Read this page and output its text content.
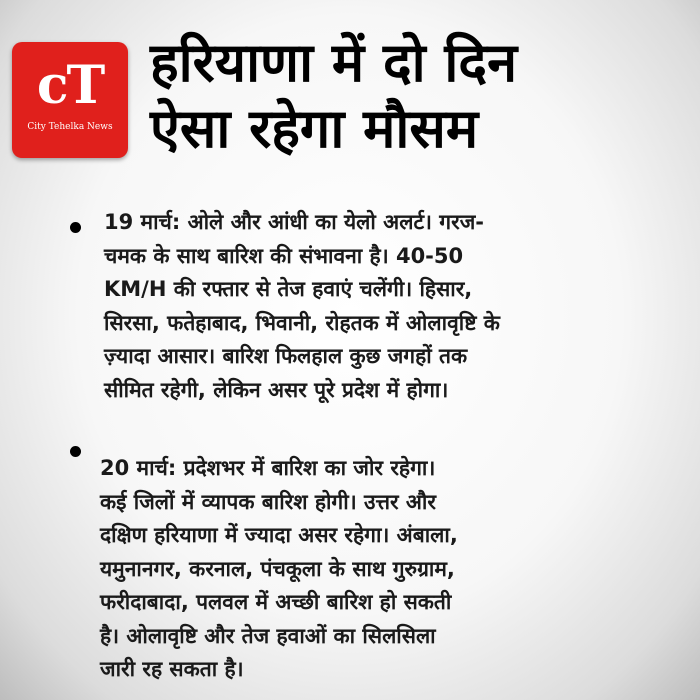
cT
City Tehelka News
हरियाणा में दो दिन
ऐसा रहेगा मौसम
19 मार्च: ओले और आंधी का येलो अलर्ट। गरज-
चमक के साथ बारिश की संभावना है। 40-50
KM/H की रफ्तार से तेज हवाएं चलेंगी। हिसार,
सिरसा, फतेहाबाद, भिवानी, रोहतक में ओलावृष्टि के
ज़्यादा आसार। बारिश फिलहाल कुछ जगहों तक
सीमित रहेगी, लेकिन असर पूरे प्रदेश में होगा।
20 मार्च: प्रदेशभर में बारिश का जोर रहेगा।
कई जिलों में व्यापक बारिश होगी। उत्तर और
दक्षिण हरियाणा में ज्यादा असर रहेगा। अंबाला,
यमुनानगर, करनाल, पंचकूला के साथ गुरुग्राम,
फरीदाबादा, पलवल में अच्छी बारिश हो सकती
है। ओलावृष्टि और तेज हवाओं का सिलसिला
जारी रह सकता है।
